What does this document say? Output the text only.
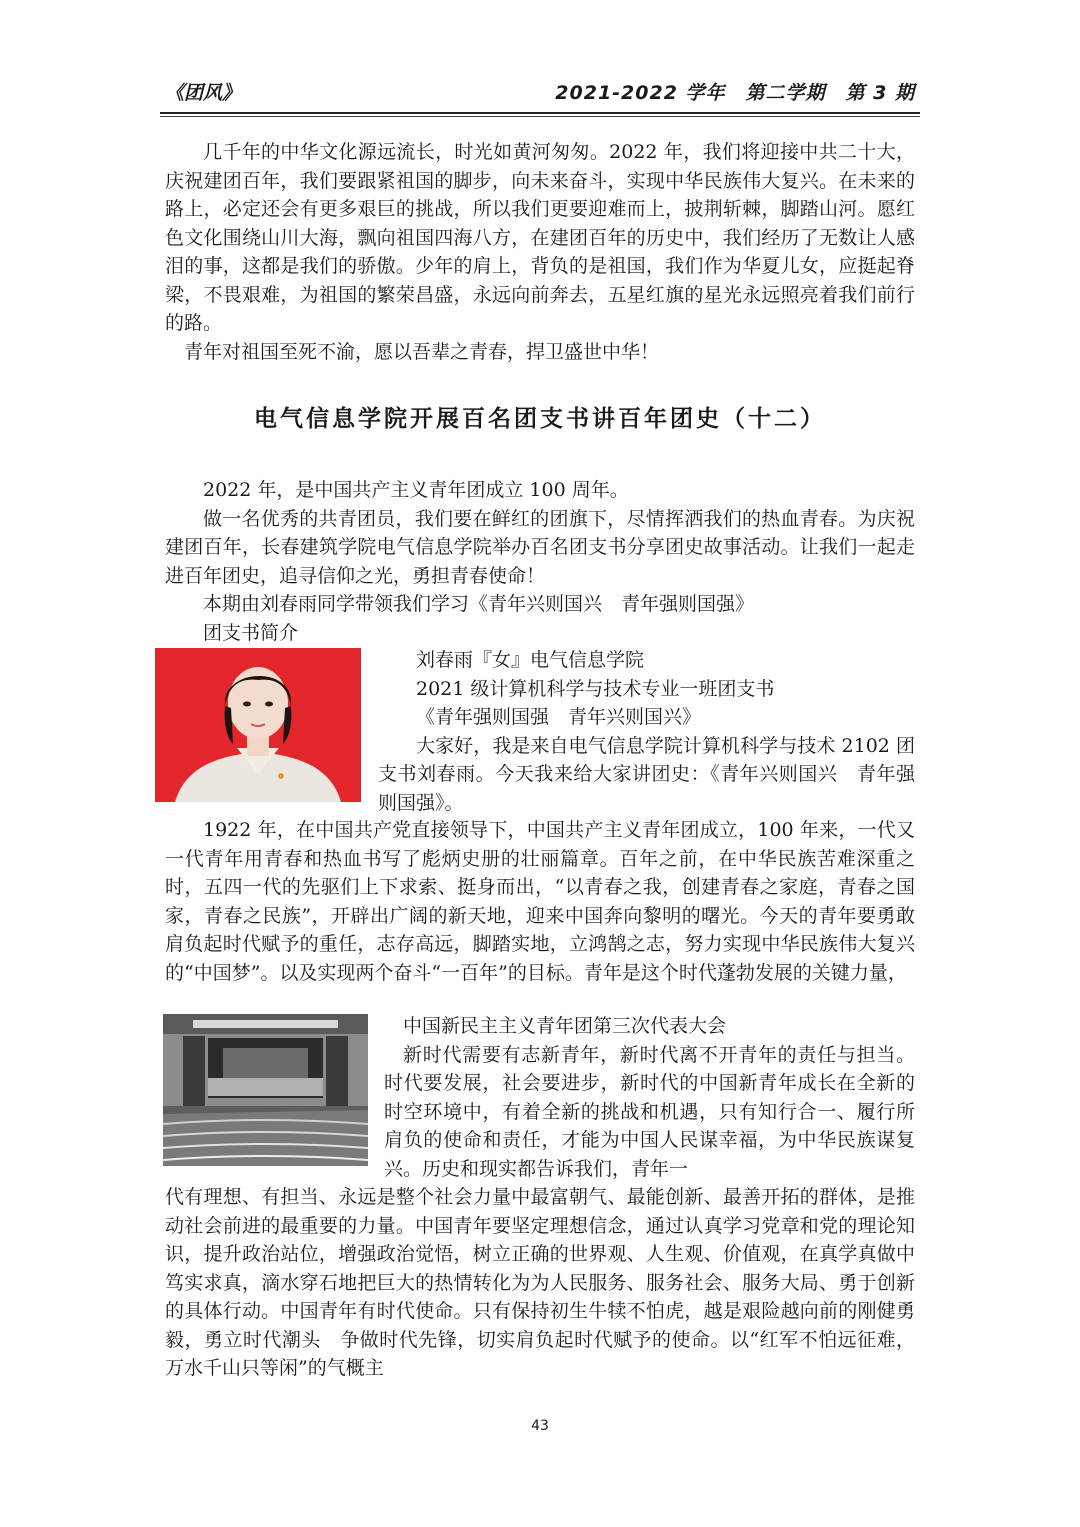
《团风》	2021-2022 学年　第二学期　第 3 期

几千年的中华文化源远流长，时光如黄河匆匆。2022 年，我们将迎接中共二十大，庆祝建团百年，我们要跟紧祖国的脚步，向未来奋斗，实现中华民族伟大复兴。在未来的路上，必定还会有更多艰巨的挑战，所以我们更要迎难而上，披荆斩棘，脚踏山河。愿红色文化围绕山川大海，飘向祖国四海八方，在建团百年的历史中，我们经历了无数让人感泪的事，这都是我们的骄傲。少年的肩上，背负的是祖国，我们作为华夏儿女，应挺起脊梁，不畏艰难，为祖国的繁荣昌盛，永远向前奔去，五星红旗的星光永远照亮着我们前行的路。

青年对祖国至死不渝，愿以吾辈之青春，捍卫盛世中华！

电气信息学院开展百名团支书讲百年团史（十二）

2022 年，是中国共产主义青年团成立 100 周年。

做一名优秀的共青团员，我们要在鲜红的团旗下，尽情挥洒我们的热血青春。为庆祝建团百年，长春建筑学院电气信息学院举办百名团支书分享团史故事活动。让我们一起走进百年团史，追寻信仰之光，勇担青春使命！

本期由刘春雨同学带领我们学习《青年兴则国兴　青年强则国强》

团支书简介

刘春雨『女』电气信息学院

2021 级计算机科学与技术专业一班团支书

《青年强则国强　青年兴则国兴》

大家好，我是来自电气信息学院计算机科学与技术 2102 团支书刘春雨。今天我来给大家讲团史：《青年兴则国兴　青年强则国强》。

1922 年，在中国共产党直接领导下，中国共产主义青年团成立，100 年来，一代又一代青年用青春和热血书写了彪炳史册的壮丽篇章。百年之前，在中华民族苦难深重之时，五四一代的先驱们上下求索、挺身而出，“以青春之我，创建青春之家庭，青春之国家，青春之民族”，开辟出广阔的新天地，迎来中国奔向黎明的曙光。今天的青年要勇敢肩负起时代赋予的重任，志存高远，脚踏实地，立鸿鹄之志，努力实现中华民族伟大复兴的“中国梦”。以及实现两个奋斗“一百年”的目标。青年是这个时代蓬勃发展的关键力量，

中国新民主主义青年团第三次代表大会

新时代需要有志新青年，新时代离不开青年的责任与担当。时代要发展，社会要进步，新时代的中国新青年成长在全新的时空环境中，有着全新的挑战和机遇，只有知行合一、履行所肩负的使命和责任，才能为中国人民谋幸福，为中华民族谋复兴。历史和现实都告诉我们，青年一

代有理想、有担当、永远是整个社会力量中最富朝气、最能创新、最善开拓的群体，是推动社会前进的最重要的力量。中国青年要坚定理想信念，通过认真学习党章和党的理论知识，提升政治站位，增强政治觉悟，树立正确的世界观、人生观、价值观，在真学真做中笃实求真，滴水穿石地把巨大的热情转化为为人民服务、服务社会、服务大局、勇于创新的具体行动。中国青年有时代使命。只有保持初生牛犊不怕虎，越是艰险越向前的刚健勇毅，勇立时代潮头　争做时代先锋，切实肩负起时代赋予的使命。以“红军不怕远征难，万水千山只等闲”的气概主

43
